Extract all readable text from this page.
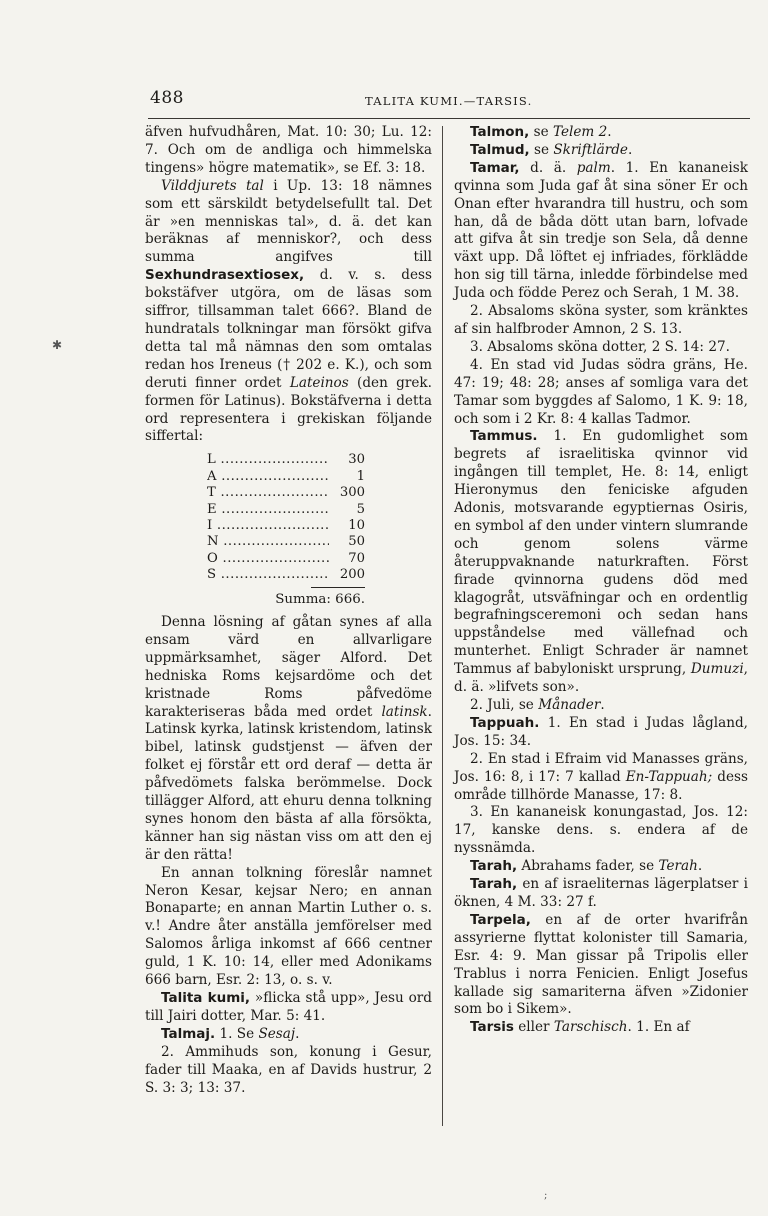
488	TALITA KUMI.—TARSIS.
✱

äfven hufvudhåren, Mat. 10: 30; Lu. 12: 7. Och om de andliga och himmelska tingens» högre matematik», se Ef. 3: 18.

Vilddjurets tal i Up. 13: 18 nämnes som ett särskildt betydelsefullt tal. Det är »en menniskas tal», d. ä. det kan beräknas af menniskor?, och dess summa angifves till Sexhundrasextiosex, d. v. s. dess bokstäfver utgöra, om de läsas som siffror, tillsamman talet 666?. Bland de hundratals tolkningar man försökt gifva detta tal må nämnas den som omtalas redan hos Ireneus († 202 e. K.), och som deruti finner ordet Lateinos (den grek. formen för Latinus). Bokstäfverna i detta ord representera i grekiskan följande siffertal:

L .....	30
A .....	1
T .....	300
E .....	5
I .....	10
N .....	50
O .....	70
S .....	200
Summa: 666.

Denna lösning af gåtan synes af alla ensam värd en allvarligare uppmärksamhet, säger Alford. Det hedniska Roms kejsardöme och det kristnade Roms påfvedöme karakteriseras båda med ordet latinsk. Latinsk kyrka, latinsk kristendom, latinsk bibel, latinsk gudstjenst — äfven der folket ej förstår ett ord deraf — detta är påfvedömets falska berömmelse. Dock tillägger Alford, att ehuru denna tolkning synes honom den bästa af alla försökta, känner han sig nästan viss om att den ej är den rätta!

En annan tolkning föreslår namnet Neron Kesar, kejsar Nero; en annan Bonaparte; en annan Martin Luther o. s. v.! Andre åter anställa jemförelser med Salomos årliga inkomst af 666 centner guld, 1 K. 10: 14, eller med Adonikams 666 barn, Esr. 2: 13, o. s. v.

Talita kumi, »flicka stå upp», Jesu ord till Jairi dotter, Mar. 5: 41.

Talmaj. 1. Se Sesaj.

2. Ammihuds son, konung i Gesur, fader till Maaka, en af Davids hustrur, 2 S. 3: 3; 13: 37.

Talmon, se Telem 2.

Talmud, se Skriftlärde.

Tamar, d. ä. palm. 1. En kananeisk qvinna som Juda gaf åt sina söner Er och Onan efter hvarandra till hustru, och som han, då de båda dött utan barn, lofvade att gifva åt sin tredje son Sela, då denne växt upp. Då löftet ej infriades, förklädde hon sig till tärna, inledde förbindelse med Juda och födde Perez och Serah, 1 M. 38.

2. Absaloms sköna syster, som kränktes af sin halfbroder Amnon, 2 S. 13.

3. Absaloms sköna dotter, 2 S. 14: 27.

4. En stad vid Judas södra gräns, He. 47: 19; 48: 28; anses af somliga vara det Tamar som byggdes af Salomo, 1 K. 9: 18, och som i 2 Kr. 8: 4 kallas Tadmor.

Tammus. 1. En gudomlighet som begrets af israelitiska qvinnor vid ingången till templet, He. 8: 14, enligt Hieronymus den feniciske afguden Adonis, motsvarande egyptiernas Osiris, en symbol af den under vintern slumrande och genom solens värme återuppvaknande naturkraften. Först firade qvinnorna gudens död med klagogråt, utsväfningar och en ordentlig begrafningsceremoni och sedan hans uppståndelse med vällefnad och munterhet. Enligt Schrader är namnet Tammus af babyloniskt ursprung, Dumuzi, d. ä. »lifvets son».

2. Juli, se Månader.

Tappuah. 1. En stad i Judas lågland, Jos. 15: 34.

2. En stad i Efraim vid Manasses gräns, Jos. 16: 8, i 17: 7 kallad En-Tappuah; dess område tillhörde Manasse, 17: 8.

3. En kananeisk konungastad, Jos. 12: 17, kanske dens. s. endera af de nyssnämda.

Tarah, Abrahams fader, se Terah.

Tarah, en af israeliternas lägerplatser i öknen, 4 M. 33: 27 f.

Tarpela, en af de orter hvarifrån assyrierne flyttat kolonister till Samaria, Esr. 4: 9. Man gissar på Tripolis eller Trablus i norra Fenicien. Enligt Josefus kallade sig samariterna äfven »Zidonier som bo i Sikem».

Tarsis eller Tarschisch. 1. En af

;
